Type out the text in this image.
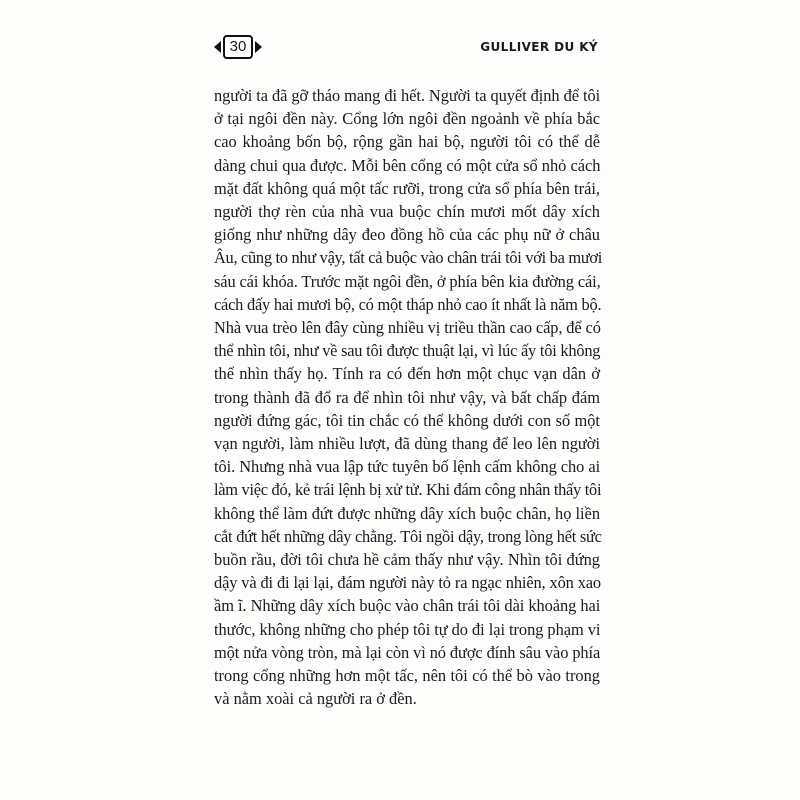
30	GULLIVER DU KÝ
người ta đã gỡ tháo mang đi hết. Người ta quyết định để tôi
ở tại ngôi đền này. Cổng lớn ngôi đền ngoảnh về phía bắc
cao khoảng bốn bộ, rộng gần hai bộ, người tôi có thể dễ
dàng chui qua được. Mỗi bên cổng có một cửa sổ nhỏ cách
mặt đất không quá một tấc rưỡi, trong cửa sổ phía bên trái,
người thợ rèn của nhà vua buộc chín mươi mốt dây xích
giống như những dây đeo đồng hồ của các phụ nữ ở châu
Âu, cũng to như vậy, tất cả buộc vào chân trái tôi với ba mươi
sáu cái khóa. Trước mặt ngôi đền, ở phía bên kia đường cái,
cách đấy hai mươi bộ, có một tháp nhỏ cao ít nhất là năm bộ.
Nhà vua trèo lên đây cùng nhiều vị triều thần cao cấp, để có
thể nhìn tôi, như về sau tôi được thuật lại, vì lúc ấy tôi không
thể nhìn thấy họ. Tính ra có đến hơn một chục vạn dân ở
trong thành đã đổ ra để nhìn tôi như vậy, và bất chấp đám
người đứng gác, tôi tin chắc có thể không dưới con số một
vạn người, làm nhiều lượt, đã dùng thang để leo lên người
tôi. Nhưng nhà vua lập tức tuyên bố lệnh cấm không cho ai
làm việc đó, kẻ trái lệnh bị xử tử. Khi đám công nhân thấy tôi
không thể làm đứt được những dây xích buộc chân, họ liền
cắt đứt hết những dây chằng. Tôi ngồi dậy, trong lòng hết sức
buồn rầu, đời tôi chưa hề cảm thấy như vậy. Nhìn tôi đứng
dậy và đi đi lại lại, đám người này tỏ ra ngạc nhiên, xôn xao
ầm ĩ. Những dây xích buộc vào chân trái tôi dài khoảng hai
thước, không những cho phép tôi tự do đi lại trong phạm vi
một nửa vòng tròn, mà lại còn vì nó được đính sâu vào phía
trong cổng những hơn một tấc, nên tôi có thể bò vào trong
và nằm xoài cả người ra ở đền.
